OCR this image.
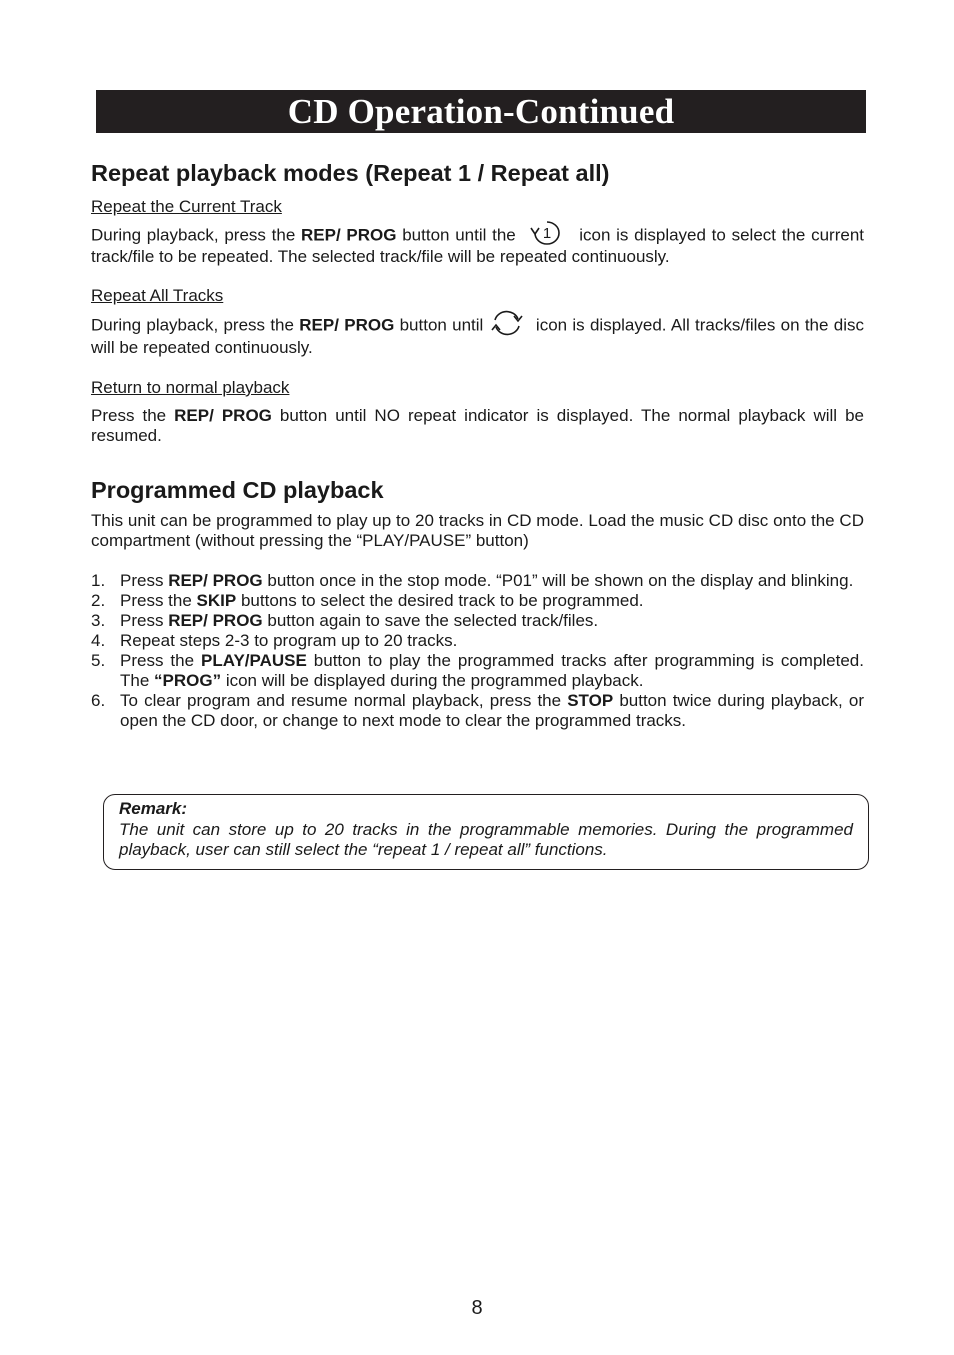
CD Operation-Continued
Repeat playback modes (Repeat 1 / Repeat all)
Repeat the Current Track

During playback, press the REP/ PROG button until the 1 icon is displayed to select the current track/file to be repeated. The selected track/file will be repeated continuously.

Repeat All Tracks

During playback, press the REP/ PROG button until
icon is displayed. All tracks/files on the disc will be repeated continuously.

Return to normal playback

Press the REP/ PROG button until NO repeat indicator is displayed. The normal playback will be resumed.

Programmed CD playback

This unit can be programmed to play up to 20 tracks in CD mode. Load the music CD disc onto the CD compartment (without pressing the “PLAY/PAUSE” button)

1. Press REP/ PROG button once in the stop mode. “P01” will be shown on the display and blinking.
2. Press the SKIP buttons to select the desired track to be programmed.
3. Press REP/ PROG button again to save the selected track/files.
4. Repeat steps 2-3 to program up to 20 tracks.
5. Press the PLAY/PAUSE button to play the programmed tracks after programming is completed. The “PROG” icon will be displayed during the programmed playback.
6. To clear program and resume normal playback, press the STOP button twice during playback, or open the CD door, or change to next mode to clear the programmed tracks.
Remark:

The unit can store up to 20 tracks in the programmable memories. During the programmed playback, user can still select the “repeat 1 / repeat all” functions.

8
